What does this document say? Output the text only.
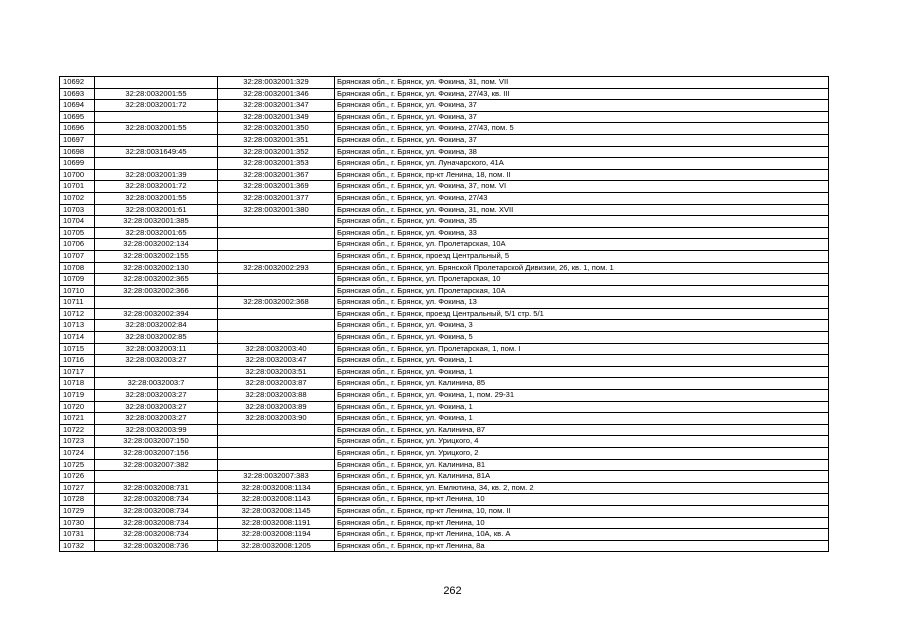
10692		32:28:0032001:329	Брянская обл., г. Брянск, ул. Фокина, 31, пом. VII
10693	32:28:0032001:55	32:28:0032001:346	Брянская обл., г. Брянск, ул. Фокина, 27/43, кв. III
10694	32:28:0032001:72	32:28:0032001:347	Брянская обл., г. Брянск, ул. Фокина, 37
10695		32:28:0032001:349	Брянская обл., г. Брянск, ул. Фокина, 37
10696	32:28:0032001:55	32:28:0032001:350	Брянская обл., г. Брянск, ул. Фокина, 27/43, пом. 5
10697		32:28:0032001:351	Брянская обл., г. Брянск, ул. Фокина, 37
10698	32:28:0031649:45	32:28:0032001:352	Брянская обл., г. Брянск, ул. Фокина, 38
10699		32:28:0032001:353	Брянская обл., г. Брянск, ул. Луначарского, 41А
10700	32:28:0032001:39	32:28:0032001:367	Брянская обл., г. Брянск, пр-кт Ленина, 18, пом. II
10701	32:28:0032001:72	32:28:0032001:369	Брянская обл., г. Брянск, ул. Фокина, 37, пом. VI
10702	32:28:0032001:55	32:28:0032001:377	Брянская обл., г. Брянск, ул. Фокина, 27/43
10703	32:28:0032001:61	32:28:0032001:380	Брянская обл., г. Брянск, ул. Фокина, 31, пом. XVII
10704	32:28:0032001:385		Брянская обл., г. Брянск, ул. Фокина, 35
10705	32:28:0032001:65		Брянская обл., г. Брянск, ул. Фокина, 33
10706	32:28:0032002:134		Брянская обл., г. Брянск, ул. Пролетарская, 10А
10707	32:28:0032002:155		Брянская обл., г. Брянск, проезд Центральный, 5
10708	32:28:0032002:130	32:28:0032002:293	Брянская обл., г. Брянск, ул. Брянской Пролетарской Дивизии, 26, кв. 1, пом. 1
10709	32:28:0032002:365		Брянская обл., г. Брянск, ул. Пролетарская, 10
10710	32:28:0032002:366		Брянская обл., г. Брянск, ул. Пролетарская, 10А
10711		32:28:0032002:368	Брянская обл., г. Брянск, ул. Фокина, 13
10712	32:28:0032002:394		Брянская обл., г. Брянск, проезд Центральный, 5/1 стр. 5/1
10713	32:28:0032002:84		Брянская обл., г. Брянск, ул. Фокина, 3
10714	32:28:0032002:85		Брянская обл., г. Брянск, ул. Фокина, 5
10715	32:28:0032003:11	32:28:0032003:40	Брянская обл., г. Брянск, ул. Пролетарская, 1, пом. I
10716	32:28:0032003:27	32:28:0032003:47	Брянская обл., г. Брянск, ул. Фокина, 1
10717		32:28:0032003:51	Брянская обл., г. Брянск, ул. Фокина, 1
10718	32:28:0032003:7	32:28:0032003:87	Брянская обл., г. Брянск, ул. Калинина, 85
10719	32:28:0032003:27	32:28:0032003:88	Брянская обл., г. Брянск, ул. Фокина, 1, пом. 29-31
10720	32:28:0032003:27	32:28:0032003:89	Брянская обл., г. Брянск, ул. Фокина, 1
10721	32:28:0032003:27	32:28:0032003:90	Брянская обл., г. Брянск, ул. Фокина, 1
10722	32:28:0032003:99		Брянская обл., г. Брянск, ул. Калинина, 87
10723	32:28:0032007:150		Брянская обл., г. Брянск, ул. Урицкого, 4
10724	32:28:0032007:156		Брянская обл., г. Брянск, ул. Урицкого, 2
10725	32:28:0032007:382		Брянская обл., г. Брянск, ул. Калинина, 81
10726		32:28:0032007:383	Брянская обл., г. Брянск, ул. Калинина, 81А
10727	32:28:0032008:731	32:28:0032008:1134	Брянская обл., г. Брянск, ул. Емлютина, 34, кв. 2, пом. 2
10728	32:28:0032008:734	32:28:0032008:1143	Брянская обл., г. Брянск, пр-кт Ленина, 10
10729	32:28:0032008:734	32:28:0032008:1145	Брянская обл., г. Брянск, пр-кт Ленина, 10, пом. II
10730	32:28:0032008:734	32:28:0032008:1191	Брянская обл., г. Брянск, пр-кт Ленина, 10
10731	32:28:0032008:734	32:28:0032008:1194	Брянская обл., г. Брянск, пр-кт Ленина, 10А, кв. А
10732	32:28:0032008:736	32:28:0032008:1205	Брянская обл., г. Брянск, пр-кт Ленина, 8а
262
